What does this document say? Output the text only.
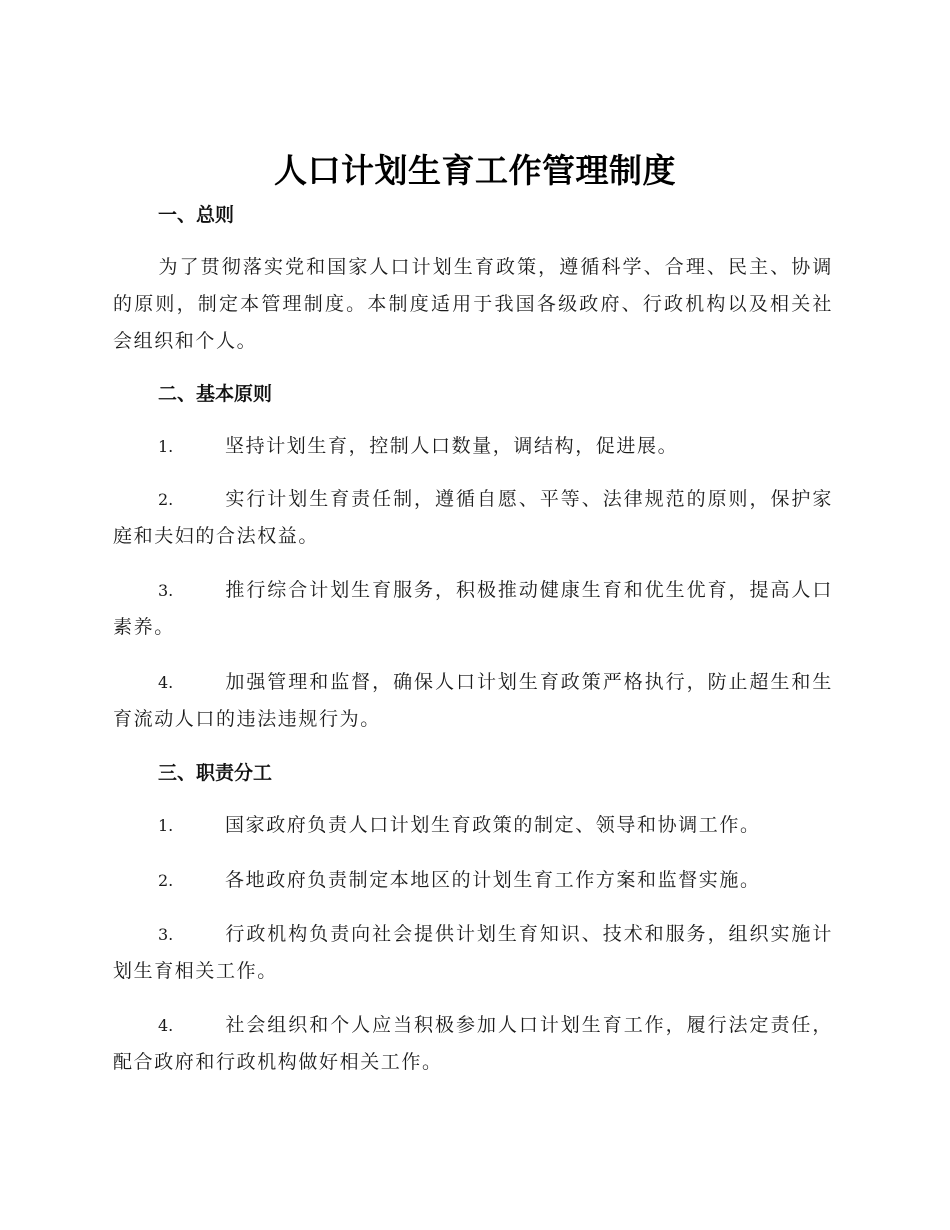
人口计划生育工作管理制度
一、总则
为了贯彻落实党和国家人口计划生育政策，遵循科学、合理、民主、协调的原则，制定本管理制度。本制度适用于我国各级政府、行政机构以及相关社会组织和个人。
二、基本原则
1.	坚持计划生育，控制人口数量，调结构，促进展。
2.	实行计划生育责任制，遵循自愿、平等、法律规范的原则，保护家庭和夫妇的合法权益。
3.	推行综合计划生育服务，积极推动健康生育和优生优育，提高人口素养。
4.	加强管理和监督，确保人口计划生育政策严格执行，防止超生和生育流动人口的违法违规行为。
三、职责分工
1.	国家政府负责人口计划生育政策的制定、领导和协调工作。
2.	各地政府负责制定本地区的计划生育工作方案和监督实施。
3.	行政机构负责向社会提供计划生育知识、技术和服务，组织实施计划生育相关工作。
4.	社会组织和个人应当积极参加人口计划生育工作，履行法定责任，配合政府和行政机构做好相关工作。
